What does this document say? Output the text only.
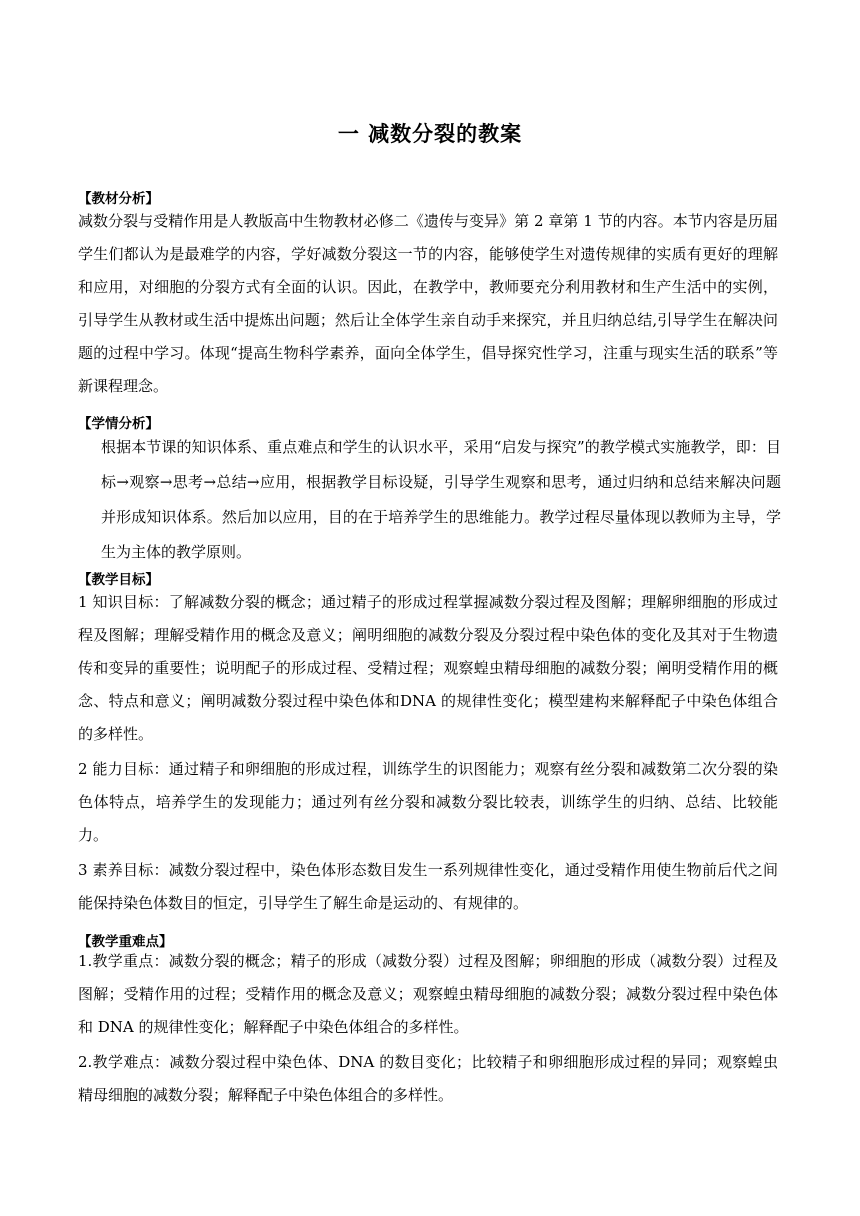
一 减数分裂的教案
【教材分析】

减数分裂与受精作用是人教版高中生物教材必修二《遗传与变异》第 2 章第 1 节的内容。本节内容是历届学生们都认为是最难学的内容，学好减数分裂这一节的内容，能够使学生对遗传规律的实质有更好的理解和应用，对细胞的分裂方式有全面的认识。因此，在教学中，教师要充分利用教材和生产生活中的实例，引导学生从教材或生活中提炼出问题；然后让全体学生亲自动手来探究，并且归纳总结,引导学生在解决问题的过程中学习。体现“提高生物科学素养，面向全体学生，倡导探究性学习，注重与现实生活的联系”等新课程理念。

【学情分析】

根据本节课的知识体系、重点难点和学生的认识水平，采用“启发与探究”的教学模式实施教学，即：目标→观察→思考→总结→应用，根据教学目标设疑，引导学生观察和思考，通过归纳和总结来解决问题并形成知识体系。然后加以应用，目的在于培养学生的思维能力。教学过程尽量体现以教师为主导，学生为主体的教学原则。

【教学目标】

1 知识目标：了解减数分裂的概念；通过精子的形成过程掌握减数分裂过程及图解；理解卵细胞的形成过程及图解；理解受精作用的概念及意义；阐明细胞的减数分裂及分裂过程中染色体的变化及其对于生物遗传和变异的重要性；说明配子的形成过程、受精过程；观察蝗虫精母细胞的减数分裂；阐明受精作用的概念、特点和意义；阐明减数分裂过程中染色体和DNA 的规律性变化；模型建构来解释配子中染色体组合的多样性。

2 能力目标：通过精子和卵细胞的形成过程，训练学生的识图能力；观察有丝分裂和减数第二次分裂的染色体特点，培养学生的发现能力；通过列有丝分裂和减数分裂比较表，训练学生的归纳、总结、比较能力。

3 素养目标：减数分裂过程中，染色体形态数目发生一系列规律性变化，通过受精作用使生物前后代之间能保持染色体数目的恒定，引导学生了解生命是运动的、有规律的。

【教学重难点】

1.教学重点：减数分裂的概念；精子的形成（减数分裂）过程及图解；卵细胞的形成（减数分裂）过程及图解；受精作用的过程；受精作用的概念及意义；观察蝗虫精母细胞的减数分裂；减数分裂过程中染色体和 DNA 的规律性变化；解释配子中染色体组合的多样性。

2.教学难点：减数分裂过程中染色体、DNA 的数目变化；比较精子和卵细胞形成过程的异同；观察蝗虫精母细胞的减数分裂；解释配子中染色体组合的多样性。
